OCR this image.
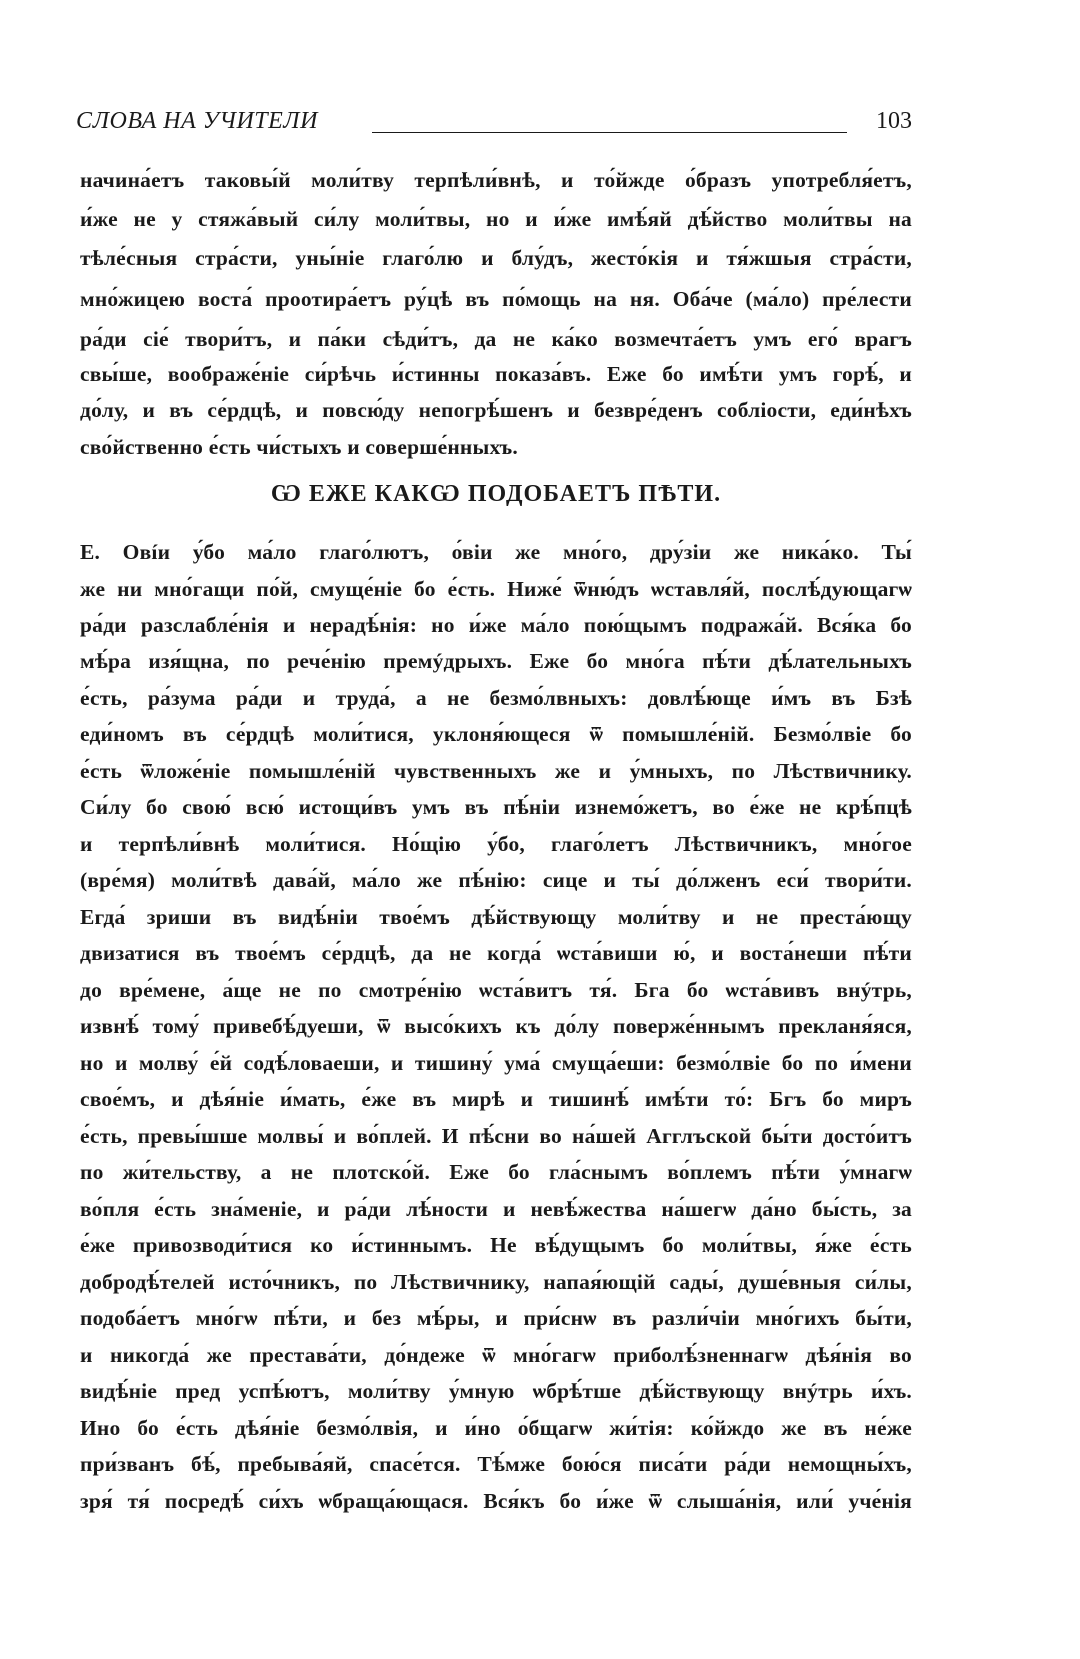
СЛОВА НА УЧИТЕЛИ	103
начина́етъ таковы́й моли́тву терпѣли́внѣ, и то́йжде о́бразъ употребля́етъ,
и́же не у стяжа́вый си́лу моли́твы, но и и́же имѣ́яй дѣ́йство моли́твы на
тѣле́сныя стра́сти, уны́ніе глаго́лю и блу́дъ, жесто́кія и тя́жшыя стра́сти,
мно́жицею воста́ проотира́етъ ру́цѣ въ по́мощь на ня. Оба́че (ма́ло) пре́лести
ра́ди сіе́ твори́тъ, и па́ки сѣди́тъ, да не ка́ко возмечта́етъ умъ его́ врагъ
свы́ше, воображе́ніе си́рѣчь и́стинны показа́въ. Еже бо имѣ́ти умъ горѣ́, и
до́лу, и въ се́рдцѣ, и повсю́ду непогрѣ́шенъ и безвре́денъ собліости, еди́нѣхъ
сво́йственно е́сть чи́стыхъ и соверше́нныхъ.
Ѡ ЕЖЕ КАКѠ ПОДОБАЕТЪ ПѢТИ.
Е. Овíи у́бо ма́ло глаго́лютъ, о́віи же мно́го, дру́зіи же ника́ко. Ты́
же ни мно́гащи по́й, смуще́ніе бо е́сть. Ниже́ ѿню́дъ ѡставля́й, послѣ́дующагѡ
ра́ди разслабле́нія и нерадѣ́нія: но и́же ма́ло пою́щымъ подража́й. Вся́ка бо
мѣ́ра изя́щна, по рече́нію премýдрыхъ. Еже бо мно́га пѣ́ти дѣ́лательныхъ
е́сть, ра́зума ра́ди и труда́, а не безмо́лвныхъ: довлѣ́юще и́мъ въ Бзѣ
еди́номъ въ се́рдцѣ моли́тися, уклоня́ющеся ѿ помышле́ній. Безмо́лвіе бо
е́сть ѿложе́ніе помышле́ній чувственныхъ же и у́мныхъ, по Лѣствичнику.
Си́лу бо свою́ всю́ истощи́въ умъ въ пѣ́ніи изнемо́жетъ, во е́же не крѣ́пцѣ
и терпѣли́внѣ моли́тися. Но́щію у́бо, глаго́летъ Лѣствичникъ, мно́гое
(вре́мя) моли́твѣ дава́й, ма́ло же пѣ́нію: сице и ты́ до́лженъ еси́ твори́ти.
Егда́ зриши въ видѣ́ніи твое́мъ дѣ́йствующу моли́тву и не преста́ющу
двизатися въ твое́мъ се́рдцѣ, да не когда́ ѡста́виши ю́, и воста́неши пѣ́ти
до вре́мене, а́ще не по смотре́нію ѡста́витъ тя́. Бга бо ѡста́вивъ внýтрь,
извнѣ́ тому́ привебѣ́дуеши, ѿ высо́кихъ къ до́лу поверже́ннымъ прекланя́яся,
но и молву́ е́й содѣ́ловаеши, и тишину́ ума́ смуща́еши: безмо́лвіе бо по и́мени
свое́мъ, и дѣя́ніе и́мать, е́же въ мирѣ и тишинѣ́ имѣ́ти то́: Бгъ бо миръ
е́сть, превы́шше молвы́ и во́плей. И пѣ́сни во на́шей Агглъской бы́ти досто́итъ
по жи́тельству, а не плотско́й. Еже бо гла́снымъ во́племъ пѣ́ти у́мнагѡ
во́пля е́сть зна́меніе, и ра́ди лѣ́ности и невѣ́жества на́шегѡ да́но бы́сть, за
е́же привозводи́тися ко и́стиннымъ. Не вѣ́дущымъ бо моли́твы, я́же е́сть
добродѣ́телей исто́чникъ, по Лѣствичнику, напая́ющій сады́, душе́вныя си́лы,
подоба́етъ мно́гѡ пѣ́ти, и без мѣ́ры, и при́снѡ въ разли́чіи мно́гихъ бы́ти,
и никогда́ же престава́ти, до́ндеже ѿ мно́гагѡ приболѣ́зненнагѡ дѣя́нія во
видѣ́ніе пред успѣ́ютъ, моли́тву у́мную ѡбрѣ́тше дѣ́йствующу внýтрь и́хъ.
Ино бо е́сть дѣя́ніе безмо́лвія, и и́но о́бщагѡ жи́тія: ко́йждо же въ не́же
при́званъ бѣ́, пребыва́яй, спасе́тся. Тѣ́мже бою́ся писа́ти ра́ди немощны́хъ,
зря́ тя́ посредѣ́ си́хъ ѡбраща́ющася. Вся́къ бо и́же ѿ слыша́нія, или́ уче́нія
